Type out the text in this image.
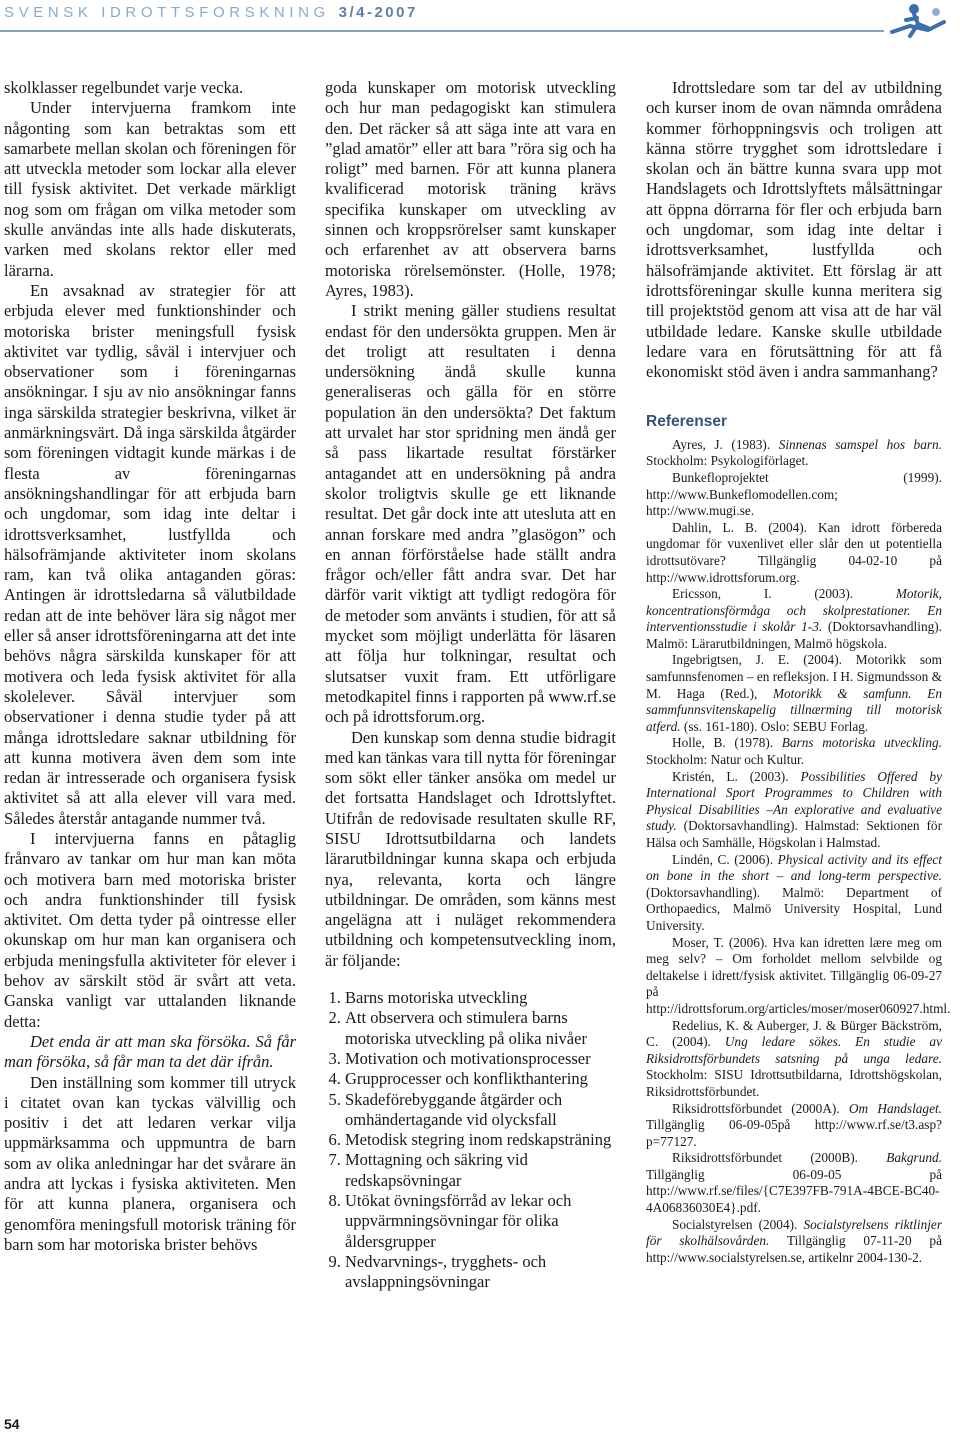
SVENSK IDROTTSFORSKNING 3/4-2007

skolklasser regelbundet varje vecka.

Under intervjuerna framkom inte någonting som kan betraktas som ett samarbete mellan skolan och föreningen för att utveckla metoder som lockar alla elever till fysisk aktivitet. Det verkade märkligt nog som om frågan om vilka metoder som skulle användas inte alls hade diskuterats, varken med skolans rektor eller med lärarna.

En avsaknad av strategier för att erbjuda elever med funktionshinder och motoriska brister meningsfull fysisk aktivitet var tydlig, såväl i intervjuer och observationer som i föreningarnas ansökningar. I sju av nio ansökningar fanns inga särskilda strategier beskrivna, vilket är anmärkningsvärt. Då inga särskilda åtgärder som föreningen vidtagit kunde märkas i de flesta av föreningarnas ansökningshandlingar för att erbjuda barn och ungdomar, som idag inte deltar i idrottsverksamhet, lustfyllda och hälsofrämjande aktiviteter inom skolans ram, kan två olika antaganden göras: Antingen är idrottsledarna så välutbildade redan att de inte behöver lära sig något mer eller så anser idrottsföreningarna att det inte behövs några särskilda kunskaper för att motivera och leda fysisk aktivitet för alla skolelever. Såväl intervjuer som observationer i denna studie tyder på att många idrottsledare saknar utbildning för att kunna motivera även dem som inte redan är intresserade och organisera fysisk aktivitet så att alla elever vill vara med. Således återstår antagande nummer två.

I intervjuerna fanns en påtaglig frånvaro av tankar om hur man kan möta och motivera barn med motoriska brister och andra funktionshinder till fysisk aktivitet. Om detta tyder på ointresse eller okunskap om hur man kan organisera och erbjuda meningsfulla aktiviteter för elever i behov av särskilt stöd är svårt att veta. Ganska vanligt var uttalanden liknande detta:

Det enda är att man ska försöka. Så får man försöka, så får man ta det där ifrån.

Den inställning som kommer till utryck i citatet ovan kan tyckas välvillig och positiv i det att ledaren verkar vilja uppmärksamma och uppmuntra de barn som av olika anledningar har det svårare än andra att lyckas i fysiska aktiviteten. Men för att kunna planera, organisera och genomföra meningsfull motorisk träning för barn som har motoriska brister behövs

goda kunskaper om motorisk utveckling och hur man pedagogiskt kan stimulera den. Det räcker så att säga inte att vara en ”glad amatör” eller att bara ”röra sig och ha roligt” med barnen. För att kunna planera kvalificerad motorisk träning krävs specifika kunskaper om utveckling av sinnen och kroppsrörelser samt kunskaper och erfarenhet av att observera barns motoriska rörelsemönster. (Holle, 1978; Ayres, 1983).

I strikt mening gäller studiens resultat endast för den undersökta gruppen. Men är det troligt att resultaten i denna undersökning ändå skulle kunna generaliseras och gälla för en större population än den undersökta? Det faktum att urvalet har stor spridning men ändå ger så pass likartade resultat förstärker antagandet att en undersökning på andra skolor troligtvis skulle ge ett liknande resultat. Det går dock inte att utesluta att en annan forskare med andra ”glasögon” och en annan förförståelse hade ställt andra frågor och/eller fått andra svar. Det har därför varit viktigt att tydligt redogöra för de metoder som använts i studien, för att så mycket som möjligt underlätta för läsaren att följa hur tolkningar, resultat och slutsatser vuxit fram. Ett utförligare metodkapitel finns i rapporten på www.rf.se och på idrottsforum.org.

Den kunskap som denna studie bidragit med kan tänkas vara till nytta för föreningar som sökt eller tänker ansöka om medel ur det fortsatta Handslaget och Idrottslyftet. Utifrån de redovisade resultaten skulle RF, SISU Idrottsutbildarna och landets lärarutbildningar kunna skapa och erbjuda nya, relevanta, korta och längre utbildningar. De områden, som känns mest angelägna att i nuläget rekommendera utbildning och kompetensutveckling inom, är följande:

1. Barns motoriska utveckling
2. Att observera och stimulera barns motoriska utveckling på olika nivåer
3. Motivation och motivationsprocesser
4. Grupprocesser och konflikthantering
5. Skadeförebyggande åtgärder och omhändertagande vid olycksfall
6. Metodisk stegring inom redskapsträning
7. Mottagning och säkring vid redskapsövningar
8. Utökat övningsförråd av lekar och uppvärmningsövningar för olika åldersgrupper
9. Nedvarvnings-, trygghets- och avslappningsövningar

Idrottsledare som tar del av utbildning och kurser inom de ovan nämnda områdena kommer förhoppningsvis och troligen att känna större trygghet som idrottsledare i skolan och än bättre kunna svara upp mot Handslagets och Idrottslyftets målsättningar att öppna dörrarna för fler och erbjuda barn och ungdomar, som idag inte deltar i idrottsverksamhet, lustfyllda och hälsofrämjande aktivitet. Ett förslag är att idrottsföreningar skulle kunna meritera sig till projektstöd genom att visa att de har väl utbildade ledare. Kanske skulle utbildade ledare vara en förutsättning för att få ekonomiskt stöd även i andra sammanhang?

Referenser

Ayres, J. (1983). Sinnenas samspel hos barn. Stockholm: Psykologiförlaget.

Bunkefloprojektet (1999). http://www.Bunkeflomodellen.com; http://www.mugi.se.

Dahlin, L. B. (2004). Kan idrott förbereda ungdomar för vuxenlivet eller slår den ut potentiella idrottsutövare? Tillgänglig 04-02-10 på http://www.idrottsforum.org.

Ericsson, I. (2003). Motorik, koncentrationsförmåga och skolprestationer. En interventionsstudie i skolår 1-3. (Doktorsavhandling). Malmö: Lärarutbildningen, Malmö högskola.

Ingebrigtsen, J. E. (2004). Motorikk som samfunnsfenomen – en refleksjon. I H. Sigmundsson & M. Haga (Red.), Motorikk & samfunn. En sammfunnsvitenskapelig tillnærming till motorisk atferd. (ss. 161-180). Oslo: SEBU Forlag.

Holle, B. (1978). Barns motoriska utveckling. Stockholm: Natur och Kultur.

Kristén, L. (2003). Possibilities Offered by International Sport Programmes to Children with Physical Disabilities –An explorative and evaluative study. (Doktorsavhandling). Halmstad: Sektionen för Hälsa och Samhälle, Högskolan i Halmstad.

Lindén, C. (2006). Physical activity and its effect on bone in the short – and long-term perspective. (Doktorsavhandling). Malmö: Department of Orthopaedics, Malmö University Hospital, Lund University.

Moser, T. (2006). Hva kan idretten lære meg om meg selv? – Om forholdet mellom selvbilde og deltakelse i idrett/fysisk aktivitet. Tillgänglig 06-09-27 på http://idrottsforum.org/articles/moser/moser060927.html.

Redelius, K. & Auberger, J. & Bürger Bäckström, C. (2004). Ung ledare sökes. En studie av Riksidrottsförbundets satsning på unga ledare. Stockholm: SISU Idrottsutbildarna, Idrottshögskolan, Riksidrottsförbundet.

Riksidrottsförbundet (2000A). Om Handslaget. Tillgänglig 06-09-05på http://www.rf.se/t3.asp?p=77127.

Riksidrottsförbundet (2000B). Bakgrund. Tillgänglig 06-09-05 på http://www.rf.se/files/{C7E397FB-791A-4BCE-BC40-4A06836030E4}.pdf.

Socialstyrelsen (2004). Socialstyrelsens riktlinjer för skolhälsovården. Tillgänglig 07-11-20 på http://www.socialstyrelsen.se, artikelnr 2004-130-2.

54
